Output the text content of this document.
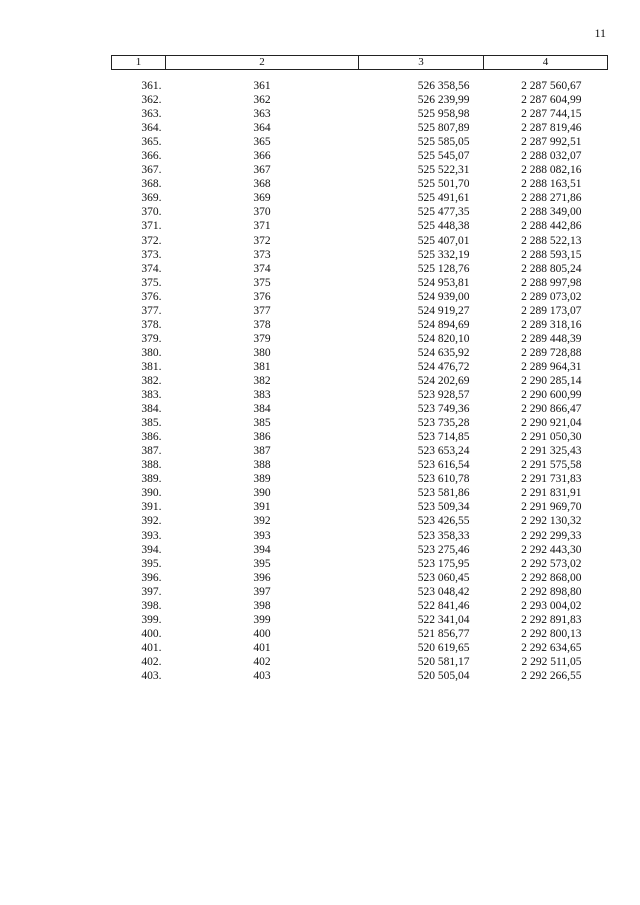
11
1	2	3	4
361.	361	526 358,56	2 287 560,67
362.	362	526 239,99	2 287 604,99
363.	363	525 958,98	2 287 744,15
364.	364	525 807,89	2 287 819,46
365.	365	525 585,05	2 287 992,51
366.	366	525 545,07	2 288 032,07
367.	367	525 522,31	2 288 082,16
368.	368	525 501,70	2 288 163,51
369.	369	525 491,61	2 288 271,86
370.	370	525 477,35	2 288 349,00
371.	371	525 448,38	2 288 442,86
372.	372	525 407,01	2 288 522,13
373.	373	525 332,19	2 288 593,15
374.	374	525 128,76	2 288 805,24
375.	375	524 953,81	2 288 997,98
376.	376	524 939,00	2 289 073,02
377.	377	524 919,27	2 289 173,07
378.	378	524 894,69	2 289 318,16
379.	379	524 820,10	2 289 448,39
380.	380	524 635,92	2 289 728,88
381.	381	524 476,72	2 289 964,31
382.	382	524 202,69	2 290 285,14
383.	383	523 928,57	2 290 600,99
384.	384	523 749,36	2 290 866,47
385.	385	523 735,28	2 290 921,04
386.	386	523 714,85	2 291 050,30
387.	387	523 653,24	2 291 325,43
388.	388	523 616,54	2 291 575,58
389.	389	523 610,78	2 291 731,83
390.	390	523 581,86	2 291 831,91
391.	391	523 509,34	2 291 969,70
392.	392	523 426,55	2 292 130,32
393.	393	523 358,33	2 292 299,33
394.	394	523 275,46	2 292 443,30
395.	395	523 175,95	2 292 573,02
396.	396	523 060,45	2 292 868,00
397.	397	523 048,42	2 292 898,80
398.	398	522 841,46	2 293 004,02
399.	399	522 341,04	2 292 891,83
400.	400	521 856,77	2 292 800,13
401.	401	520 619,65	2 292 634,65
402.	402	520 581,17	2 292 511,05
403.	403	520 505,04	2 292 266,55
